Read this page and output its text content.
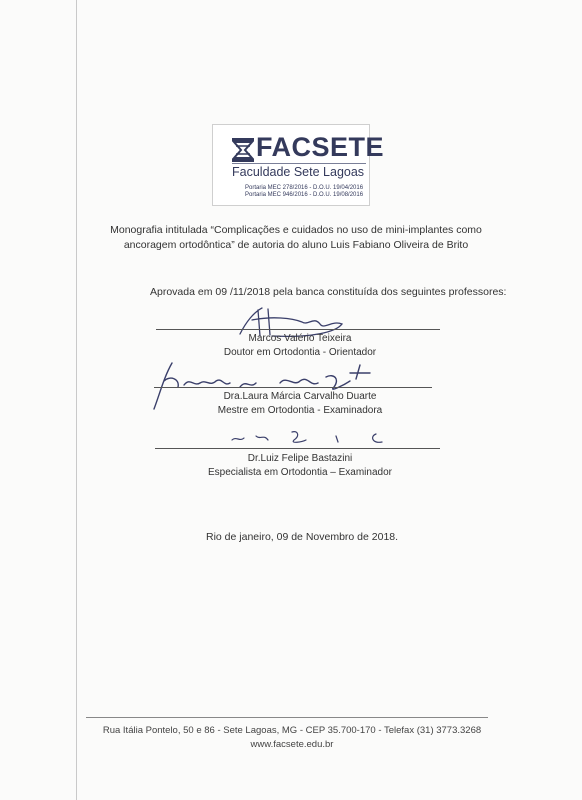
FACSETE
Faculdade Sete Lagoas
Portaria MEC 278/2016 - D.O.U. 19/04/2016
Portaria MEC 946/2016 - D.O.U. 19/08/2016
Monografia intitulada “Complicações e cuidados no uso de mini-implantes como ancoragem ortodôntica” de autoria do aluno Luis Fabiano Oliveira de Brito
Aprovada em 09 /11/2018 pela banca constituída dos seguintes professores:
Marcos Valério Teixeira
Doutor em Ortodontia - Orientador
Dra.Laura Márcia Carvalho Duarte
Mestre em Ortodontia - Examinadora
Dr.Luiz Felipe Bastazini
Especialista em Ortodontia – Examinador
Rio de janeiro, 09 de Novembro de 2018.
Rua Itália Pontelo, 50 e 86 - Sete Lagoas, MG - CEP 35.700-170 - Telefax (31) 3773.3268
www.facsete.edu.br
